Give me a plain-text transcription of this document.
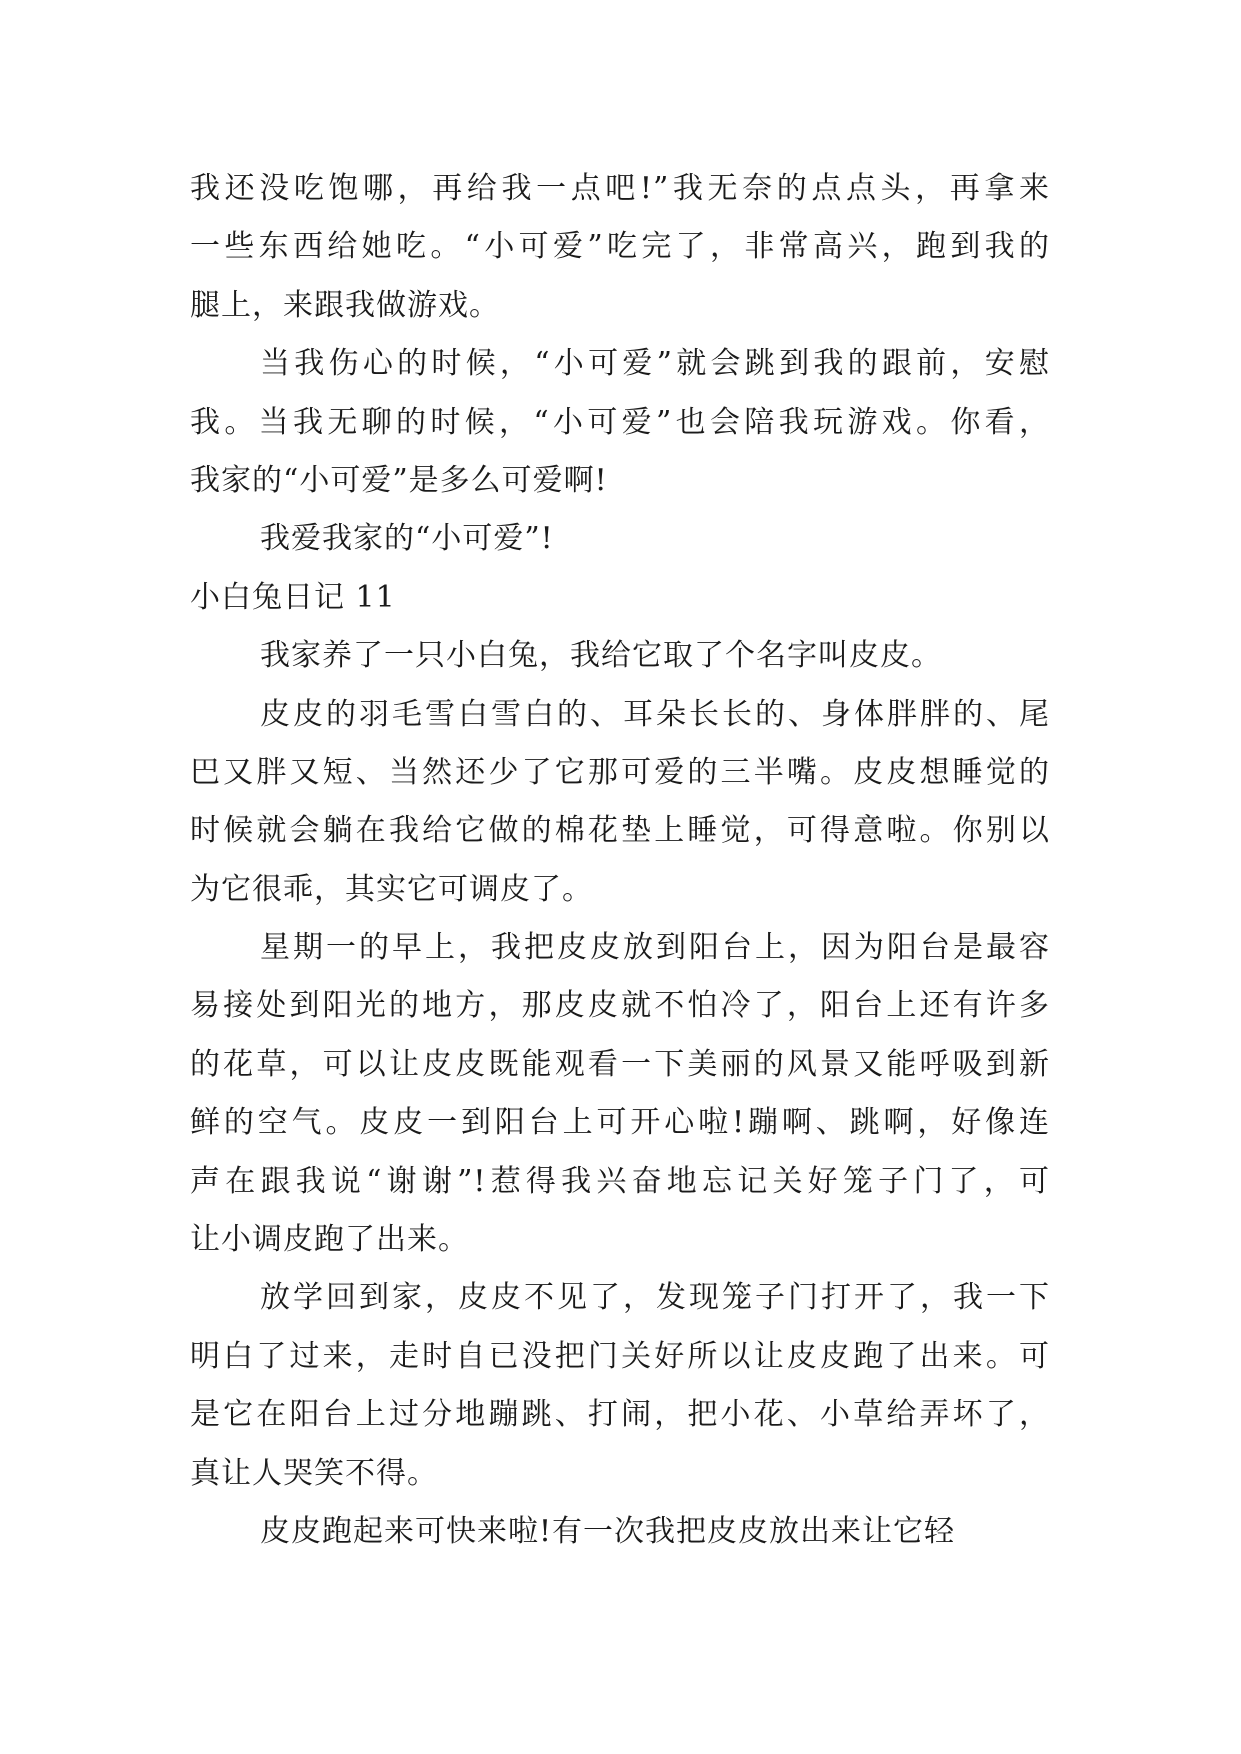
我还没吃饱哪，再给我一点吧!”我无奈的点点头，再拿来
一些东西给她吃。“小可爱”吃完了，非常高兴，跑到我的
腿上，来跟我做游戏。
当我伤心的时候，“小可爱”就会跳到我的跟前，安慰
我。当我无聊的时候，“小可爱”也会陪我玩游戏。你看，
我家的“小可爱”是多么可爱啊!
我爱我家的“小可爱”!
小白兔日记 11
我家养了一只小白兔，我给它取了个名字叫皮皮。
皮皮的羽毛雪白雪白的、耳朵长长的、身体胖胖的、尾
巴又胖又短、当然还少了它那可爱的三半嘴。皮皮想睡觉的
时候就会躺在我给它做的棉花垫上睡觉，可得意啦。你别以
为它很乖，其实它可调皮了。
星期一的早上，我把皮皮放到阳台上，因为阳台是最容
易接处到阳光的地方，那皮皮就不怕冷了，阳台上还有许多
的花草，可以让皮皮既能观看一下美丽的风景又能呼吸到新
鲜的空气。皮皮一到阳台上可开心啦!蹦啊、跳啊，好像连
声在跟我说“谢谢”!惹得我兴奋地忘记关好笼子门了，可
让小调皮跑了出来。
放学回到家，皮皮不见了，发现笼子门打开了，我一下
明白了过来，走时自已没把门关好所以让皮皮跑了出来。可
是它在阳台上过分地蹦跳、打闹，把小花、小草给弄坏了，
真让人哭笑不得。
皮皮跑起来可快来啦!有一次我把皮皮放出来让它轻
